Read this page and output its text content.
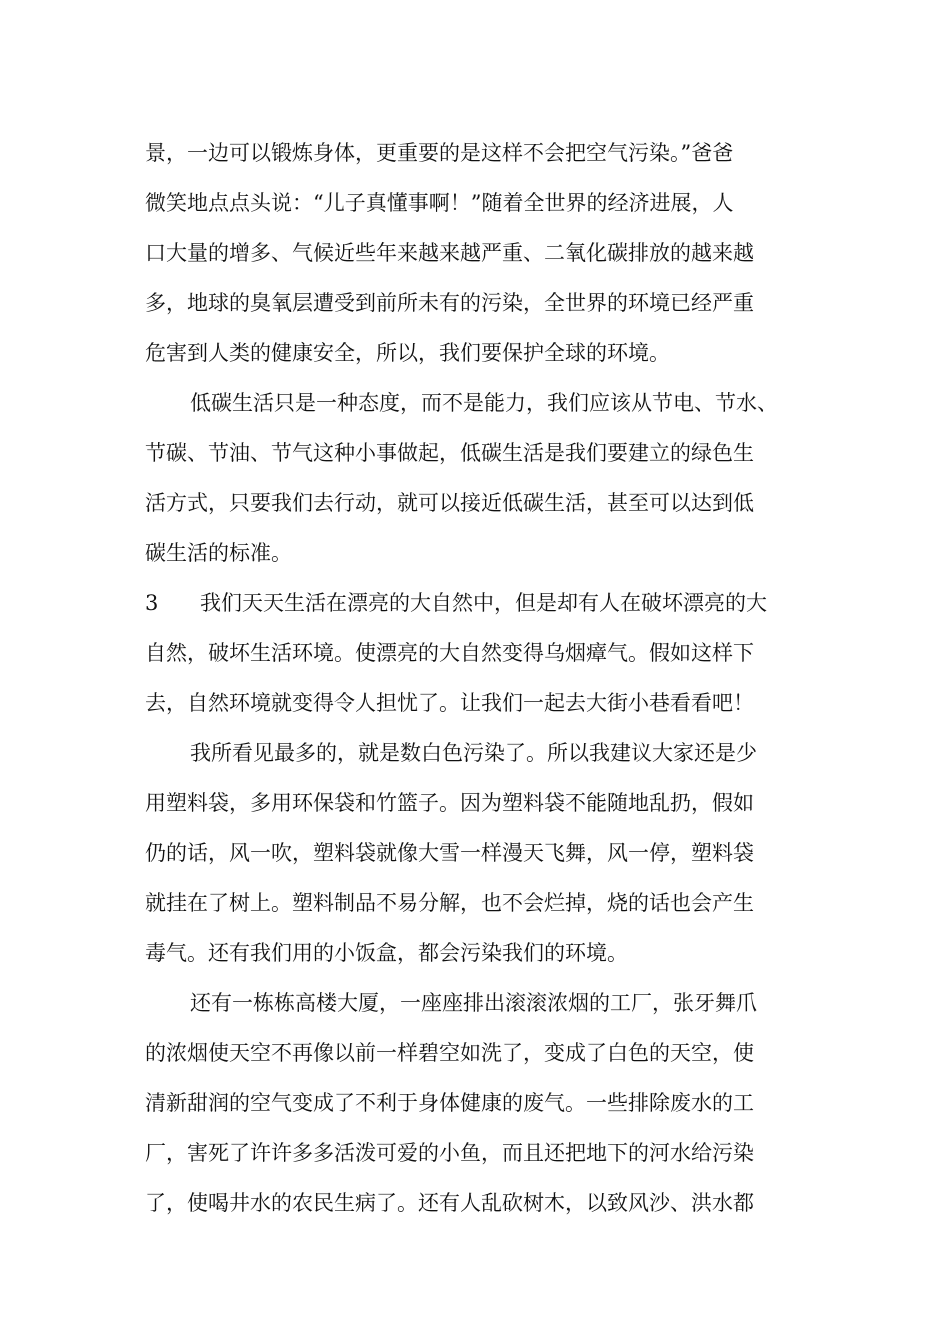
景，一边可以锻炼身体，更重要的是这样不会把空气污染。”爸爸
微笑地点点头说：“儿子真懂事啊！”随着全世界的经济进展，人
口大量的增多、气候近些年来越来越严重、二氧化碳排放的越来越
多，地球的臭氧层遭受到前所未有的污染，全世界的环境已经严重
危害到人类的健康安全，所以，我们要保护全球的环境。
低碳生活只是一种态度，而不是能力，我们应该从节电、节水、
节碳、节油、节气这种小事做起，低碳生活是我们要建立的绿色生
活方式，只要我们去行动，就可以接近低碳生活，甚至可以达到低
碳生活的标准。
3	我们天天生活在漂亮的大自然中，但是却有人在破坏漂亮的大
自然，破坏生活环境。使漂亮的大自然变得乌烟瘴气。假如这样下
去，自然环境就变得令人担忧了。让我们一起去大街小巷看看吧！
我所看见最多的，就是数白色污染了。所以我建议大家还是少
用塑料袋，多用环保袋和竹篮子。因为塑料袋不能随地乱扔，假如
仍的话，风一吹，塑料袋就像大雪一样漫天飞舞，风一停，塑料袋
就挂在了树上。塑料制品不易分解，也不会烂掉，烧的话也会产生
毒气。还有我们用的小饭盒，都会污染我们的环境。
还有一栋栋高楼大厦，一座座排出滚滚浓烟的工厂，张牙舞爪
的浓烟使天空不再像以前一样碧空如洗了，变成了白色的天空，使
清新甜润的空气变成了不利于身体健康的废气。一些排除废水的工
厂，害死了许许多多活泼可爱的小鱼，而且还把地下的河水给污染
了，使喝井水的农民生病了。还有人乱砍树木，以致风沙、洪水都
